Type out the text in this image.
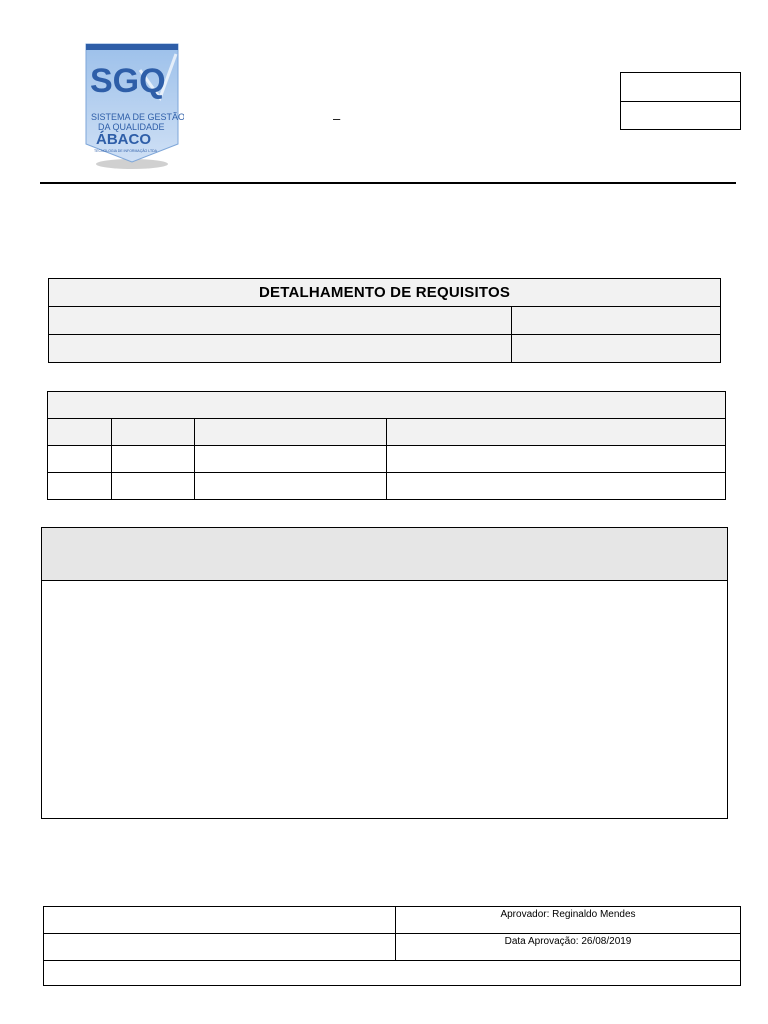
SGQ
SISTEMA DE GESTÃO
DA QUALIDADE
ÁBACO
TECNOLOGIA DE INFORMAÇÃO LTDA
–
DETALHAMENTO DE REQUISITOS	

	Aprovador: Reginaldo Mendes
	Data Aprovação: 26/08/2019
